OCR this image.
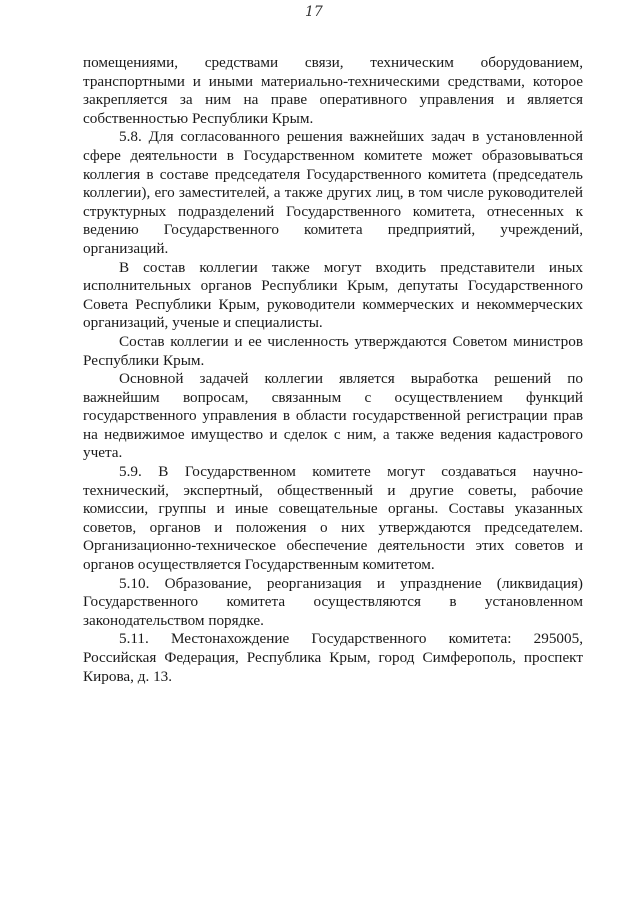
17

помещениями, средствами связи, техническим оборудованием, транспортными и иными материально-техническими средствами, которое закрепляется за ним на праве оперативного управления и является собственностью Республики Крым.

5.8. Для согласованного решения важнейших задач в установленной сфере деятельности в Государственном комитете может образовываться коллегия в составе председателя Государственного комитета (председатель коллегии), его заместителей, а также других лиц, в том числе руководителей структурных подразделений Государственного комитета, отнесенных к ведению Государственного комитета предприятий, учреждений, организаций.

В состав коллегии также могут входить представители иных исполнительных органов Республики Крым, депутаты Государственного Совета Республики Крым, руководители коммерческих и некоммерческих организаций, ученые и специалисты.

Состав коллегии и ее численность утверждаются Советом министров Республики Крым.

Основной задачей коллегии является выработка решений по важнейшим вопросам, связанным с осуществлением функций государственного управления в области государственной регистрации прав на недвижимое имущество и сделок с ним, а также ведения кадастрового учета.

5.9. В Государственном комитете могут создаваться научно-технический, экспертный, общественный и другие советы, рабочие комиссии, группы и иные совещательные органы. Составы указанных советов, органов и положения о них утверждаются председателем. Организационно-техническое обеспечение деятельности этих советов и органов осуществляется Государственным комитетом.

5.10. Образование, реорганизация и упразднение (ликвидация) Государственного комитета осуществляются в установленном законодательством порядке.

5.11. Местонахождение Государственного комитета: 295005, Российская Федерация, Республика Крым, город Симферополь, проспект Кирова, д. 13.
